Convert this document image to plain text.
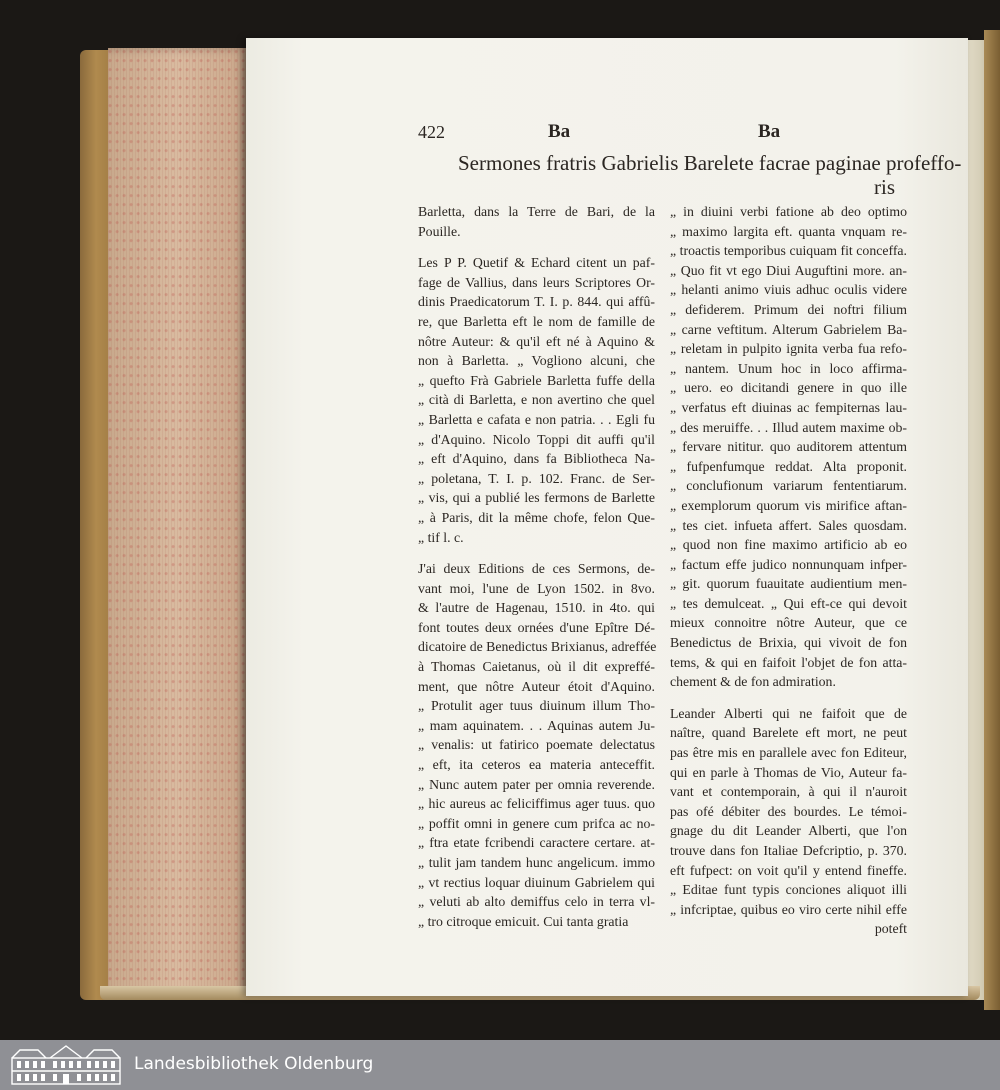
422	Ba	Ba
Sermones fratris Gabrielis Barelete facrae paginae profeffo-
ris
Barletta, dans la Terre de Bari, de la
Pouille.
Les P P. Quetif & Echard citent un paf-
fage de Vallius, dans leurs Scriptores Or-
dinis Praedicatorum T. I. p. 844. qui affû-
re, que Barletta eft le nom de famille de
nôtre Auteur: & qu'il eft né à Aquino &
non à Barletta. „ Vogliono alcuni, che
„ quefto Frà Gabriele Barletta fuffe della
„ cità di Barletta, e non avertino che quel
„ Barletta e cafata e non patria. . . Egli fu
„ d'Aquino. Nicolo Toppi dit auffi qu'il
„ eft d'Aquino, dans fa Bibliotheca Na-
„ poletana, T. I. p. 102. Franc. de Ser-
„ vis, qui a publié les fermons de Barlette
„ à Paris, dit la même chofe, felon Que-
„ tif l. c.
J'ai deux Editions de ces Sermons, de-
vant moi, l'une de Lyon 1502. in 8vo.
& l'autre de Hagenau, 1510. in 4to. qui
font toutes deux ornées d'une Epître Dé-
dicatoire de Benedictus Brixianus, adreffée
à Thomas Caietanus, où il dit expreffé-
ment, que nôtre Auteur étoit d'Aquino.
„ Protulit ager tuus diuinum illum Tho-
„ mam aquinatem. . . Aquinas autem Ju-
„ venalis: ut fatirico poemate delectatus
„ eft, ita ceteros ea materia anteceffit.
„ Nunc autem pater per omnia reverende.
„ hic aureus ac feliciffimus ager tuus. quo
„ poffit omni in genere cum prifca ac no-
„ ftra etate fcribendi caractere certare. at-
„ tulit jam tandem hunc angelicum. immo
„ vt rectius loquar diuinum Gabrielem qui
„ veluti ab alto demiffus celo in terra vl-
„ tro citroque emicuit. Cui tanta gratia
„ in diuini verbi fatione ab deo optimo
„ maximo largita eft. quanta vnquam re-
„ troactis temporibus cuiquam fit conceffa.
„ Quo fit vt ego Diui Auguftini more. an-
„ helanti animo viuis adhuc oculis videre
„ defiderem. Primum dei noftri filium
„ carne veftitum. Alterum Gabrielem Ba-
„ reletam in pulpito ignita verba fua refo-
„ nantem. Unum hoc in loco affirma-
„ uero. eo dicitandi genere in quo ille
„ verfatus eft diuinas ac fempiternas lau-
„ des meruiffe. . . Illud autem maxime ob-
„ fervare nititur. quo auditorem attentum
„ fufpenfumque reddat. Alta proponit.
„ conclufionum variarum fententiarum.
„ exemplorum quorum vis mirifice aftan-
„ tes ciet. infueta affert. Sales quosdam.
„ quod non fine maximo artificio ab eo
„ factum effe judico nonnunquam infper-
„ git. quorum fuauitate audientium men-
„ tes demulceat. „ Qui eft-ce qui devoit
mieux connoitre nôtre Auteur, que ce
Benedictus de Brixia, qui vivoit de fon
tems, & qui en faifoit l'objet de fon atta-
chement & de fon admiration.
Leander Alberti qui ne faifoit que de
naître, quand Barelete eft mort, ne peut
pas être mis en parallele avec fon Editeur,
qui en parle à Thomas de Vio, Auteur fa-
vant et contemporain, à qui il n'auroit
pas ofé débiter des bourdes. Le témoi-
gnage du dit Leander Alberti, que l'on
trouve dans fon Italiae Defcriptio, p. 370.
eft fufpect: on voit qu'il y entend fineffe.
„ Editae funt typis conciones aliquot illi
„ infcriptae, quibus eo viro certe nihil effe
poteft
Landesbibliothek Oldenburg
